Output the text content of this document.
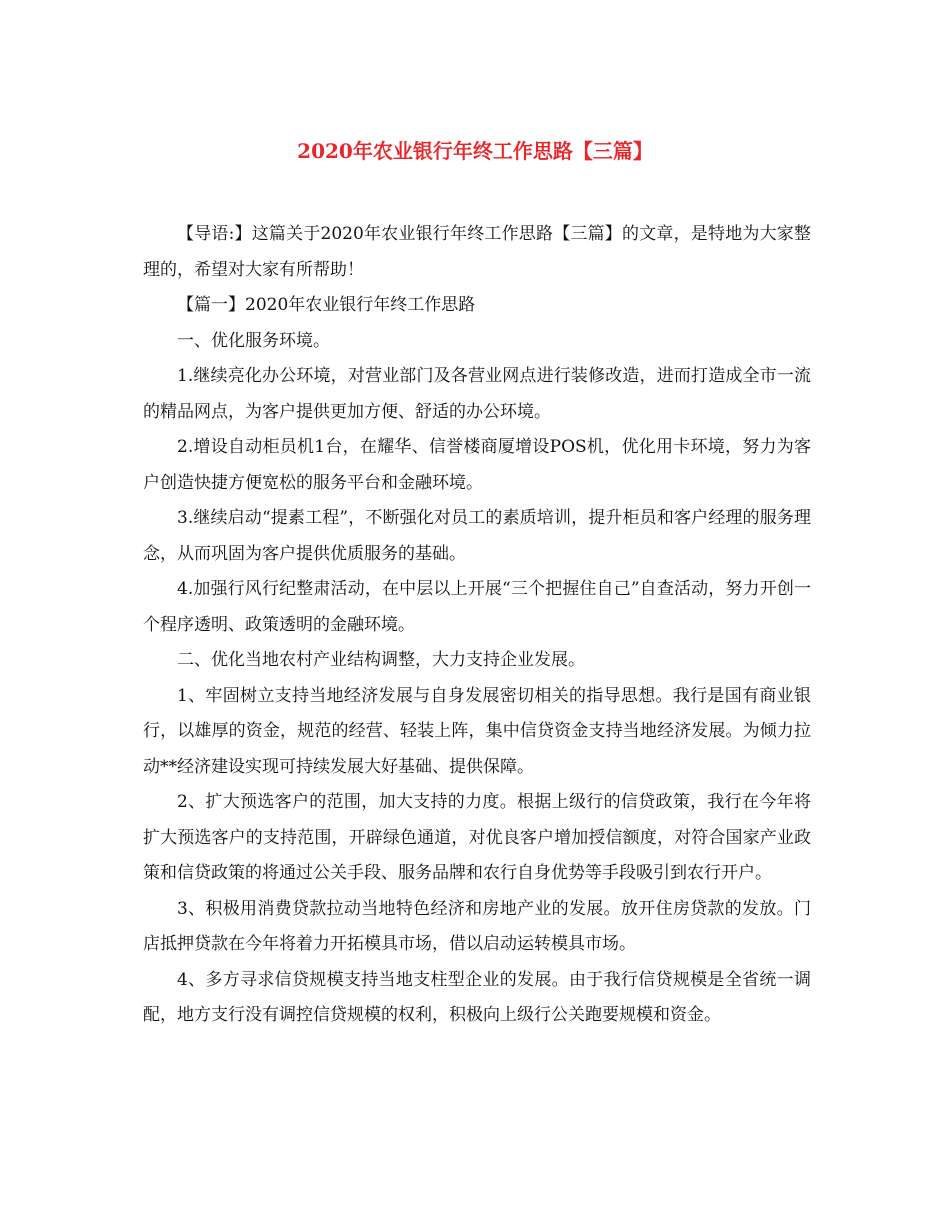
2020年农业银行年终工作思路【三篇】

【导语:】这篇关于2020年农业银行年终工作思路【三篇】的文章，是特地为大家整理的，希望对大家有所帮助！

【篇一】2020年农业银行年终工作思路

一、优化服务环境。

1.继续亮化办公环境，对营业部门及各营业网点进行装修改造，进而打造成全市一流的精品网点，为客户提供更加方便、舒适的办公环境。

2.增设自动柜员机1台，在耀华、信誉楼商厦增设POS机，优化用卡环境，努力为客户创造快捷方便宽松的服务平台和金融环境。

3.继续启动“提素工程”，不断强化对员工的素质培训，提升柜员和客户经理的服务理念，从而巩固为客户提供优质服务的基础。

4.加强行风行纪整肃活动，在中层以上开展“三个把握住自己”自查活动，努力开创一个程序透明、政策透明的金融环境。

二、优化当地农村产业结构调整，大力支持企业发展。

1、牢固树立支持当地经济发展与自身发展密切相关的指导思想。我行是国有商业银行，以雄厚的资金，规范的经营、轻装上阵，集中信贷资金支持当地经济发展。为倾力拉动**经济建设实现可持续发展大好基础、提供保障。

2、扩大预选客户的范围，加大支持的力度。根据上级行的信贷政策，我行在今年将扩大预选客户的支持范围，开辟绿色通道，对优良客户增加授信额度，对符合国家产业政策和信贷政策的将通过公关手段、服务品牌和农行自身优势等手段吸引到农行开户。

3、积极用消费贷款拉动当地特色经济和房地产业的发展。放开住房贷款的发放。门店抵押贷款在今年将着力开拓模具市场，借以启动运转模具市场。

4、多方寻求信贷规模支持当地支柱型企业的发展。由于我行信贷规模是全省统一调配，地方支行没有调控信贷规模的权利，积极向上级行公关跑要规模和资金。
